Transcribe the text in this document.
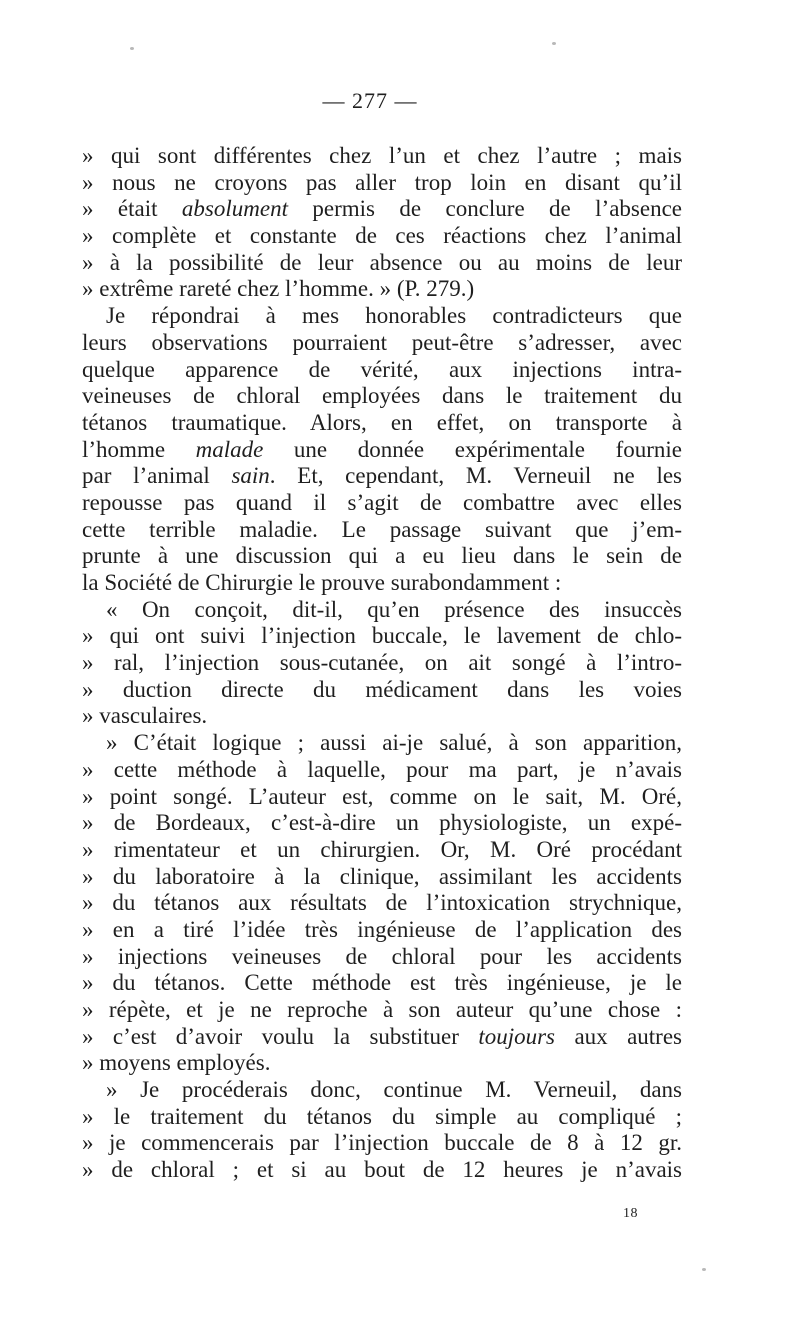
— 277 —
» qui sont différentes chez l’un et chez l’autre ; mais
» nous ne croyons pas aller trop loin en disant qu’il
» était absolument permis de conclure de l’absence
» complète et constante de ces réactions chez l’animal
» à la possibilité de leur absence ou au moins de leur
» extrême rareté chez l’homme. » (P. 279.)
Je répondrai à mes honorables contradicteurs que
leurs observations pourraient peut-être s’adresser, avec
quelque apparence de vérité, aux injections intra-
veineuses de chloral employées dans le traitement du
tétanos traumatique. Alors, en effet, on transporte à
l’homme malade une donnée expérimentale fournie
par l’animal sain. Et, cependant, M. Verneuil ne les
repousse pas quand il s’agit de combattre avec elles
cette terrible maladie. Le passage suivant que j’em-
prunte à une discussion qui a eu lieu dans le sein de
la Société de Chirurgie le prouve surabondamment :
« On conçoit, dit-il, qu’en présence des insuccès
» qui ont suivi l’injection buccale, le lavement de chlo-
» ral, l’injection sous-cutanée, on ait songé à l’intro-
» duction directe du médicament dans les voies
» vasculaires.
» C’était logique ; aussi ai-je salué, à son apparition,
» cette méthode à laquelle, pour ma part, je n’avais
» point songé. L’auteur est, comme on le sait, M. Oré,
» de Bordeaux, c’est-à-dire un physiologiste, un expé-
» rimentateur et un chirurgien. Or, M. Oré procédant
» du laboratoire à la clinique, assimilant les accidents
» du tétanos aux résultats de l’intoxication strychnique,
» en a tiré l’idée très ingénieuse de l’application des
» injections veineuses de chloral pour les accidents
» du tétanos. Cette méthode est très ingénieuse, je le
» répète, et je ne reproche à son auteur qu’une chose :
» c’est d’avoir voulu la substituer toujours aux autres
» moyens employés.
» Je procéderais donc, continue M. Verneuil, dans
» le traitement du tétanos du simple au compliqué ;
» je commencerais par l’injection buccale de 8 à 12 gr.
» de chloral ; et si au bout de 12 heures je n’avais
18
